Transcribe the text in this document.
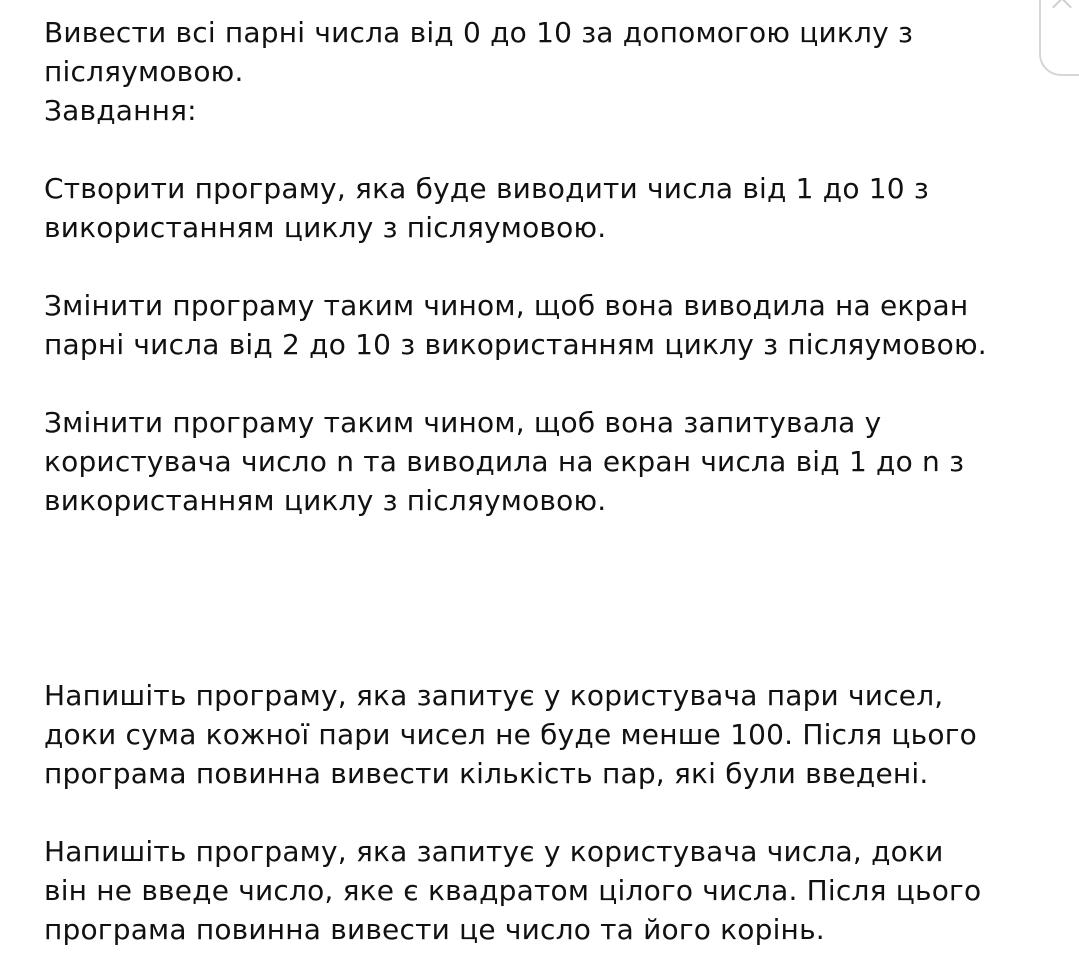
Вивести всі парні числа від 0 до 10 за допомогою циклу з
післяумовою.
Завдання:
Створити програму, яка буде виводити числа від 1 до 10 з
використанням циклу з післяумовою.
Змінити програму таким чином, щоб вона виводила на екран
парні числа від 2 до 10 з використанням циклу з післяумовою.
Змінити програму таким чином, щоб вона запитувала у
користувача число n та виводила на екран числа від 1 до n з
використанням циклу з післяумовою.
Напишіть програму, яка запитує у користувача пари чисел,
доки сума кожної пари чисел не буде менше 100. Після цього
програма повинна вивести кількість пар, які були введені.
Напишіть програму, яка запитує у користувача числа, доки
він не введе число, яке є квадратом цілого числа. Після цього
програма повинна вивести це число та його корінь.
